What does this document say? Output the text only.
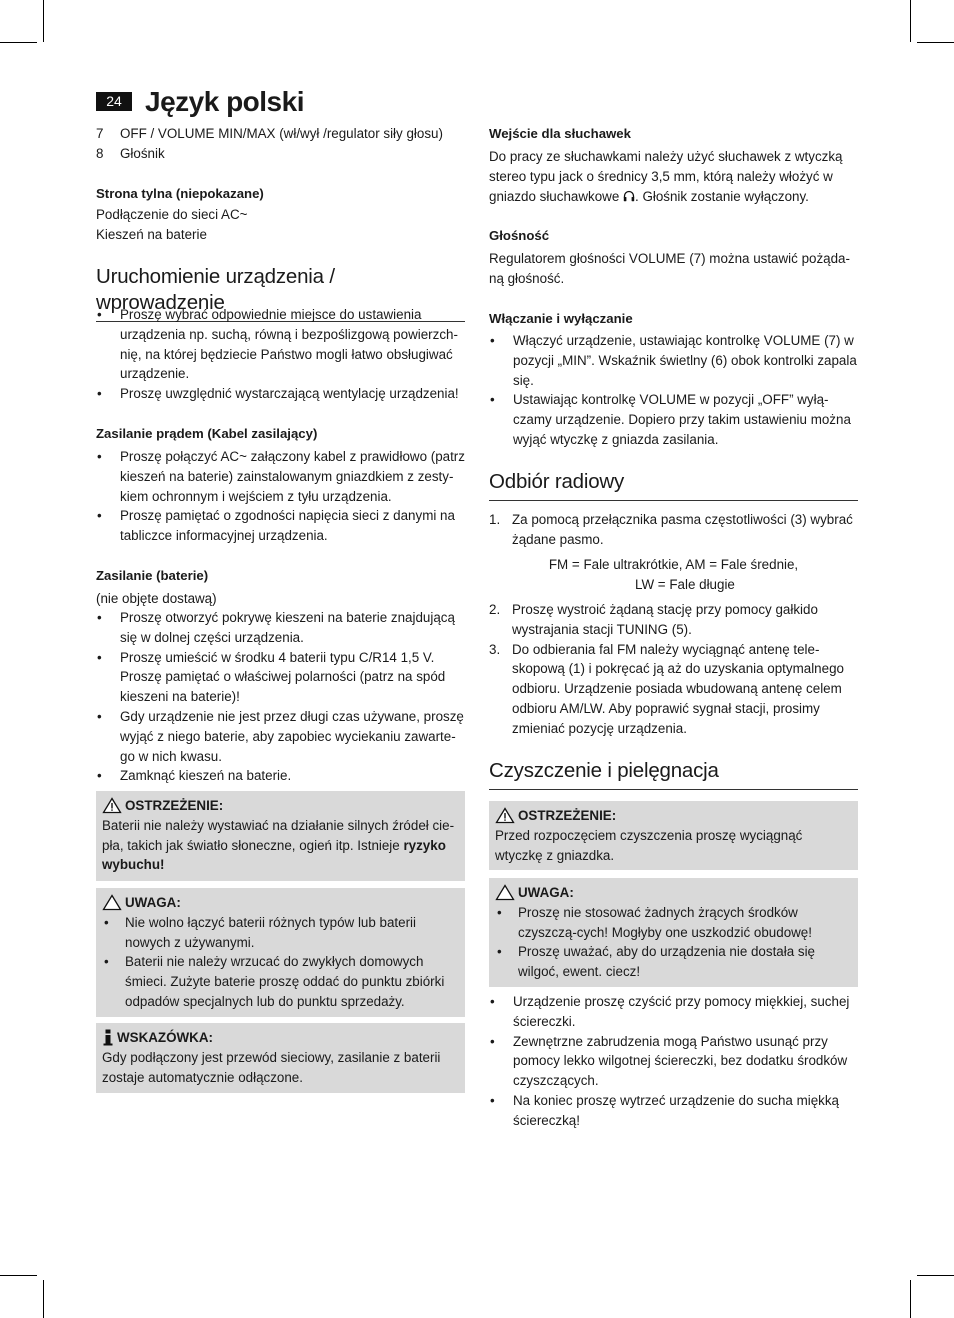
24 Język polski
7 OFF / VOLUME MIN/MAX (wł/wył /regulator siły głosu)
8 Głośnik
Strona tylna (niepokazane)
Podłączenie do sieci AC~
Kieszeń na baterie
Uruchomienie urządzenia / wprowadzenie
• Proszę wybrać odpowiednie miejsce do ustawienia urządzenia np. suchą, równą i bezpoślizgową powierzch-nię, na której będziecie Państwo mogli łatwo obsługiwać urządzenie.
• Proszę uwzględnić wystarczającą wentylację urządzenia!
Zasilanie prądem (Kabel zasilający)
• Proszę połączyć AC~ załączony kabel z prawidłowo (patrz kieszeń na baterie) zainstalowanym gniazdkiem z zesty-kiem ochronnym i wejściem z tyłu urządzenia.
• Proszę pamiętać o zgodności napięcia sieci z danymi na tabliczce informacyjnej urządzenia.
Zasilanie (baterie)
(nie objęte dostawą)
• Proszę otworzyć pokrywę kieszeni na baterie znajdującą się w dolnej części urządzenia.
• Proszę umieścić w środku 4 baterii typu C/R14 1,5 V. Proszę pamiętać o właściwej polarności (patrz na spód kieszeni na baterie)!
• Gdy urządzenie nie jest przez długi czas używane, proszę wyjąć z niego baterie, aby zapobiec wyciekaniu zawarte-go w nich kwasu.
• Zamknąć kieszeń na baterie.
OSTRZEŻENIE:
Baterii nie należy wystawiać na działanie silnych źródeł cie-pła, takich jak światło słoneczne, ogień itp. Istnieje ryzyko wybuchu!
UWAGA:
• Nie wolno łączyć baterii różnych typów lub baterii nowych z używanymi.
• Baterii nie należy wrzucać do zwykłych domowych śmieci. Zużyte baterie proszę oddać do punktu zbiórki odpadów specjalnych lub do punktu sprzedaży.
WSKAZÓWKA:
Gdy podłączony jest przewód sieciowy, zasilanie z baterii zostaje automatycznie odłączone.
Wejście dla słuchawek
Do pracy ze słuchawkami należy użyć słuchawek z wtyczką stereo typu jack o średnicy 3,5 mm, którą należy włożyć w gniazdo słuchawkowe . Głośnik zostanie wyłączony.
Głośność
Regulatorem głośności VOLUME (7) można ustawić pożąda-ną głośność.
Włączanie i wyłączanie
• Włączyć urządzenie, ustawiając kontrolkę VOLUME (7) w pozycji „MIN”. Wskaźnik świetlny (6) obok kontrolki zapala się.
• Ustawiając kontrolkę VOLUME w pozycji „OFF” wyłą-czamy urządzenie. Dopiero przy takim ustawieniu można wyjąć wtyczkę z gniazda zasilania.
Odbiór radiowy
1. Za pomocą przełącznika pasma częstotliwości (3) wybrać żądane pasmo.
FM = Fale ultrakrótkie, AM = Fale średnie,
LW = Fale długie
2. Proszę wystroić żądaną stację przy pomocy gałkido wystrajania stacji TUNING (5).
3. Do odbierania fal FM należy wyciągnąć antenę tele-skopową (1) i pokręcać ją aż do uzyskania optymalnego odbioru. Urządzenie posiada wbudowaną antenę celem odbioru AM/LW. Aby poprawić sygnał stacji, prosimy zmieniać pozycję urządzenia.
Czyszczenie i pielęgnacja
OSTRZEŻENIE:
Przed rozpoczęciem czyszczenia proszę wyciągnąć wtyczkę z gniazdka.
UWAGA:
• Proszę nie stosować żadnych żrących środków czyszczą-cych! Mogłyby one uszkodzić obudowę!
• Proszę uważać, aby do urządzenia nie dostała się wilgoć, ewent. ciecz!
• Urządzenie proszę czyścić przy pomocy miękkiej, suchej ściereczki.
• Zewnętrzne zabrudzenia mogą Państwo usunąć przy pomocy lekko wilgotnej ściereczki, bez dodatku środków czyszczących.
• Na koniec proszę wytrzeć urządzenie do sucha miękką ściereczką!
